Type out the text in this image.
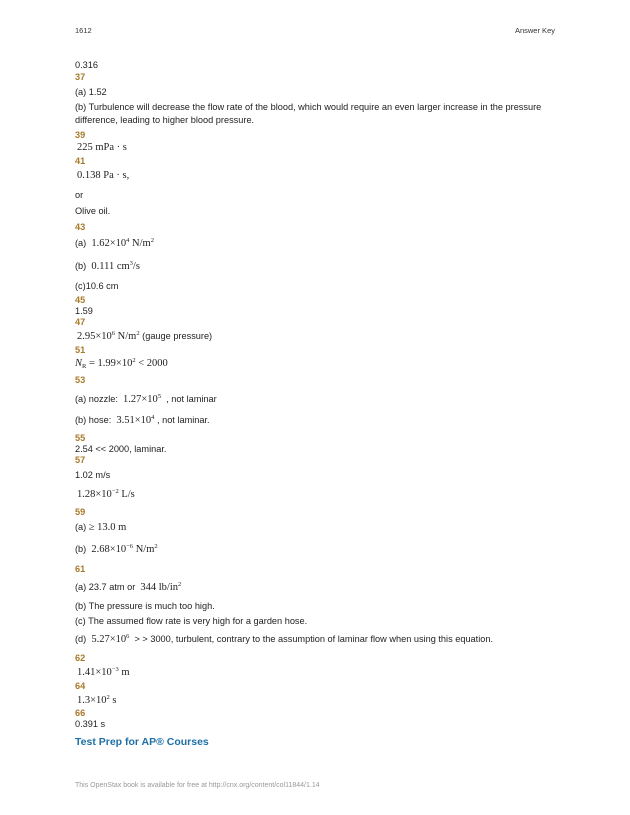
1612	Answer Key
0.316
37
(a) 1.52
(b) Turbulence will decrease the flow rate of the blood, which would require an even larger increase in the pressure difference, leading to higher blood pressure.
39
225 mPa · s
41
0.138 Pa · s,
or
Olive oil.
43
(a) $1.62\times 10^4$ $N/m^2$
(b) 0.111 $cm^3/s$
(c)10.6 cm
45
1.59
47
$2.95\times 10^6$ $N/m^2$ (gauge pressure)
51
$N_R = 1.99\times 10^2 < 2000$
53
(a) nozzle: $1.27\times 10^5$ , not laminar
(b) hose: $3.51\times 10^4$ , not laminar.
55
2.54 << 2000, laminar.
57
1.02 m/s
$1.28\times 10^{-2}$ L/s
59
(a) ≥ 13.0 m
(b) $2.68\times 10^{-6}$ $N/m^2$
61
(a) 23.7 atm or 344 $lb/in^2$
(b) The pressure is much too high.
(c) The assumed flow rate is very high for a garden hose.
(d) $5.27\times 10^6$ > > 3000, turbulent, contrary to the assumption of laminar flow when using this equation.
62
$1.41\times 10^{-3}$ m
64
$1.3\times 10^2$ s
66
0.391 s
Test Prep for AP® Courses
This OpenStax book is available for free at http://cnx.org/content/col11844/1.14
